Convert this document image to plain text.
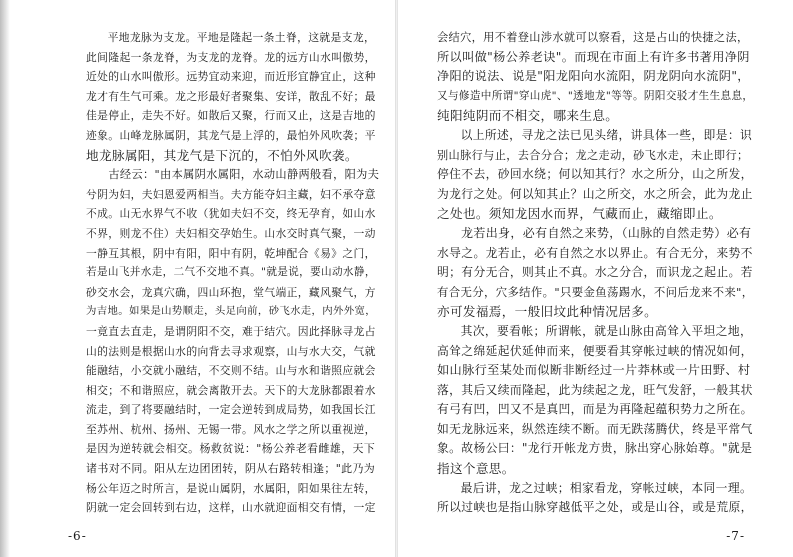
平地龙脉为支龙。平地是隆起一条土脊，这就是支龙，

此间隆起一条龙脊，为支龙的龙脊。龙的远方山水叫傲势，

近处的山水叫傲形。远势宜动来迎，而近形宜静宜止，这种

龙才有生气可乘。龙之形最好者聚集、安详，散乱不好；最

佳是停止，走失不好。如散后又聚，行而又止，这是吉地的

迹象。山峰龙脉属阴，其龙气是上浮的，最怕外风吹袭；平

地龙脉属阳，其龙气是下沉的，不怕外风吹袭。

古经云："由本属阴水属阳，水动山静两般看，阳为夫

兮阴为妇，夫妇恩爱两相当。夫方能夺妇主藏，妇不承夺意

不成。山无水界气不收（犹如夫妇不交，终无孕育，如山水

不界，则龙不住）夫妇相交孕始生。山水交时真气聚，一动

一静互其根，阴中有阳，阳中有阴，乾坤配合《易》之门，

若是山飞并水走，二气不交地不真。"就是说，要山动水静，

砂交水会，龙真穴确，四山环抱，堂气端正，藏风聚气，方

为吉地。如果是山势顺走，头足向前，砂飞水走，内外外宽，

一竟直去直走，是谓阴阳不交，难于结穴。因此择脉寻龙占

山的法则是根据山水的向背去寻求观察，山与水大交，气就

能融结，小交就小融结，不交则不结。山与水和谐照应就会

相交；不和谐照应，就会离散开去。天下的大龙脉都跟着水

流走，到了将要融结时，一定会逆转到成局势，如我国长江

至苏州、杭州、扬州、无锡一带。风水之学之所以重视逆，

是因为逆转就会相交。杨救贫说："杨公养老看雌雄，天下

诸书对不同。阳从左边团团转，阴从右路转相逢；"此乃为

杨公年迈之时所言，是说山属阴，水属阳，阳如果往左转，

阴就一定会回转到右边，这样，山水就迎面相交有情，一定

-6-

会结穴，用不着登山涉水就可以察看，这是占山的快捷之法，

所以叫做"杨公养老诀"。而现在市面上有许多书著用净阴

净阳的说法、说是"阳龙阳向水流阳，阴龙阴向水流阴"，

又与修造中所谓"穿山虎"、"透地龙"等等。阴阳交驳才生生息息，

纯阳纯阴而不相交，哪来生息。

以上所述，寻龙之法已见头绪，讲具体一些，即是：识

别山脉行与止，去合分合；龙之走动，砂飞水走，未止即行；

停住不去，砂回水绕；何以知其行？水之所分，山之所发，

为龙行之处。何以知其止？山之所交，水之所会，此为龙止

之处也。须知龙因水而界，气藏而止，藏缩即止。

龙若出身，必有自然之来势，（山脉的自然走势）必有

水导之。龙若止，必有自然之水以界止。有合无分，来势不

明；有分无合，则其止不真。水之分合，而识龙之起止。若

有合无分，穴多结作。"只要金鱼荡踢水，不问后龙来不来"，

亦可发福焉，一般旧坟此种情况居多。

其次，要看帐；所谓帐，就是山脉由高耸入平坦之地，

高耸之绵延起伏延伸而来，便要看其穿帐过峡的情况如何，

如山脉行至某处而似断非断经过一片莽林或一片田野、村

落，其后又续而隆起，此为续起之龙，旺气发舒，一般其状

有弓有凹，凹又不是真凹，而是为再隆起蕴积势力之所在。

如无龙脉远来，纵然连续不断。而无跌荡腾伏，终是平常气

象。故杨公曰："龙行开帐龙方贵，脉出穿心脉始尊。"就是

指这个意思。

最后讲，龙之过峡；相家看龙，穿帐过峡，本同一理。

所以过峡也是指山脉穿越低平之处，或是山谷，或是荒原，

-7-
